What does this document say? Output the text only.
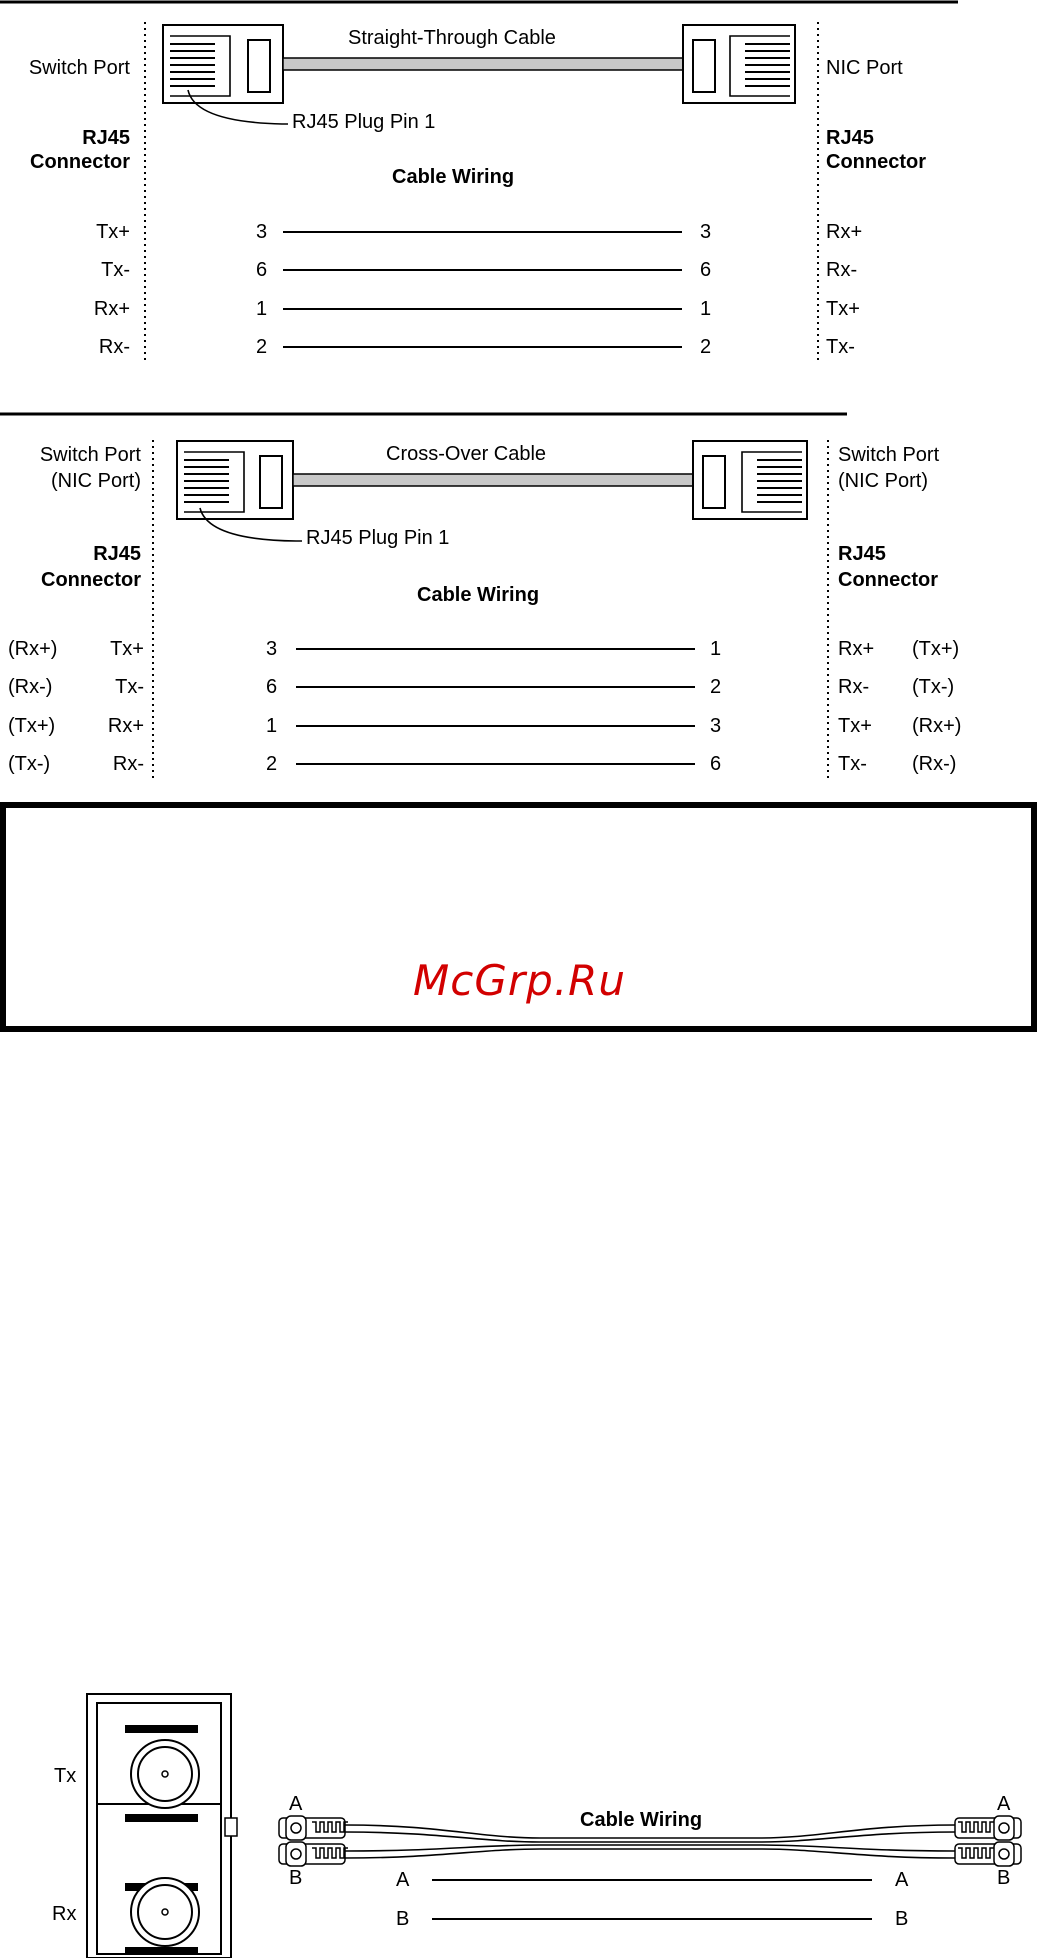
Straight-Through Cable
Switch Port	NIC Port
RJ45 Plug Pin 1
RJ45
Connector
RJ45
Connector
Cable Wiring
Tx+	3	3	Rx+
Tx-	6	6	Rx-
Rx+	1	1	Tx+
Rx-	2	2	Tx-
Cross-Over Cable
Switch Port
(NIC Port)
Switch Port
(NIC Port)
RJ45 Plug Pin 1
RJ45
Connector
RJ45
Connector
Cable Wiring
(Rx+)	Tx+	3	1	Rx+ (Tx+)
(Rx-)	Tx-	6	2	Rx- (Tx-)
(Tx+)	Rx+	1	3	Tx+ (Rx+)
(Tx-)	Rx-	2	6	Tx- (Rx-)
McGrp.Ru
Tx
Rx
A
B
A
B
Cable Wiring
A	A
B	B
